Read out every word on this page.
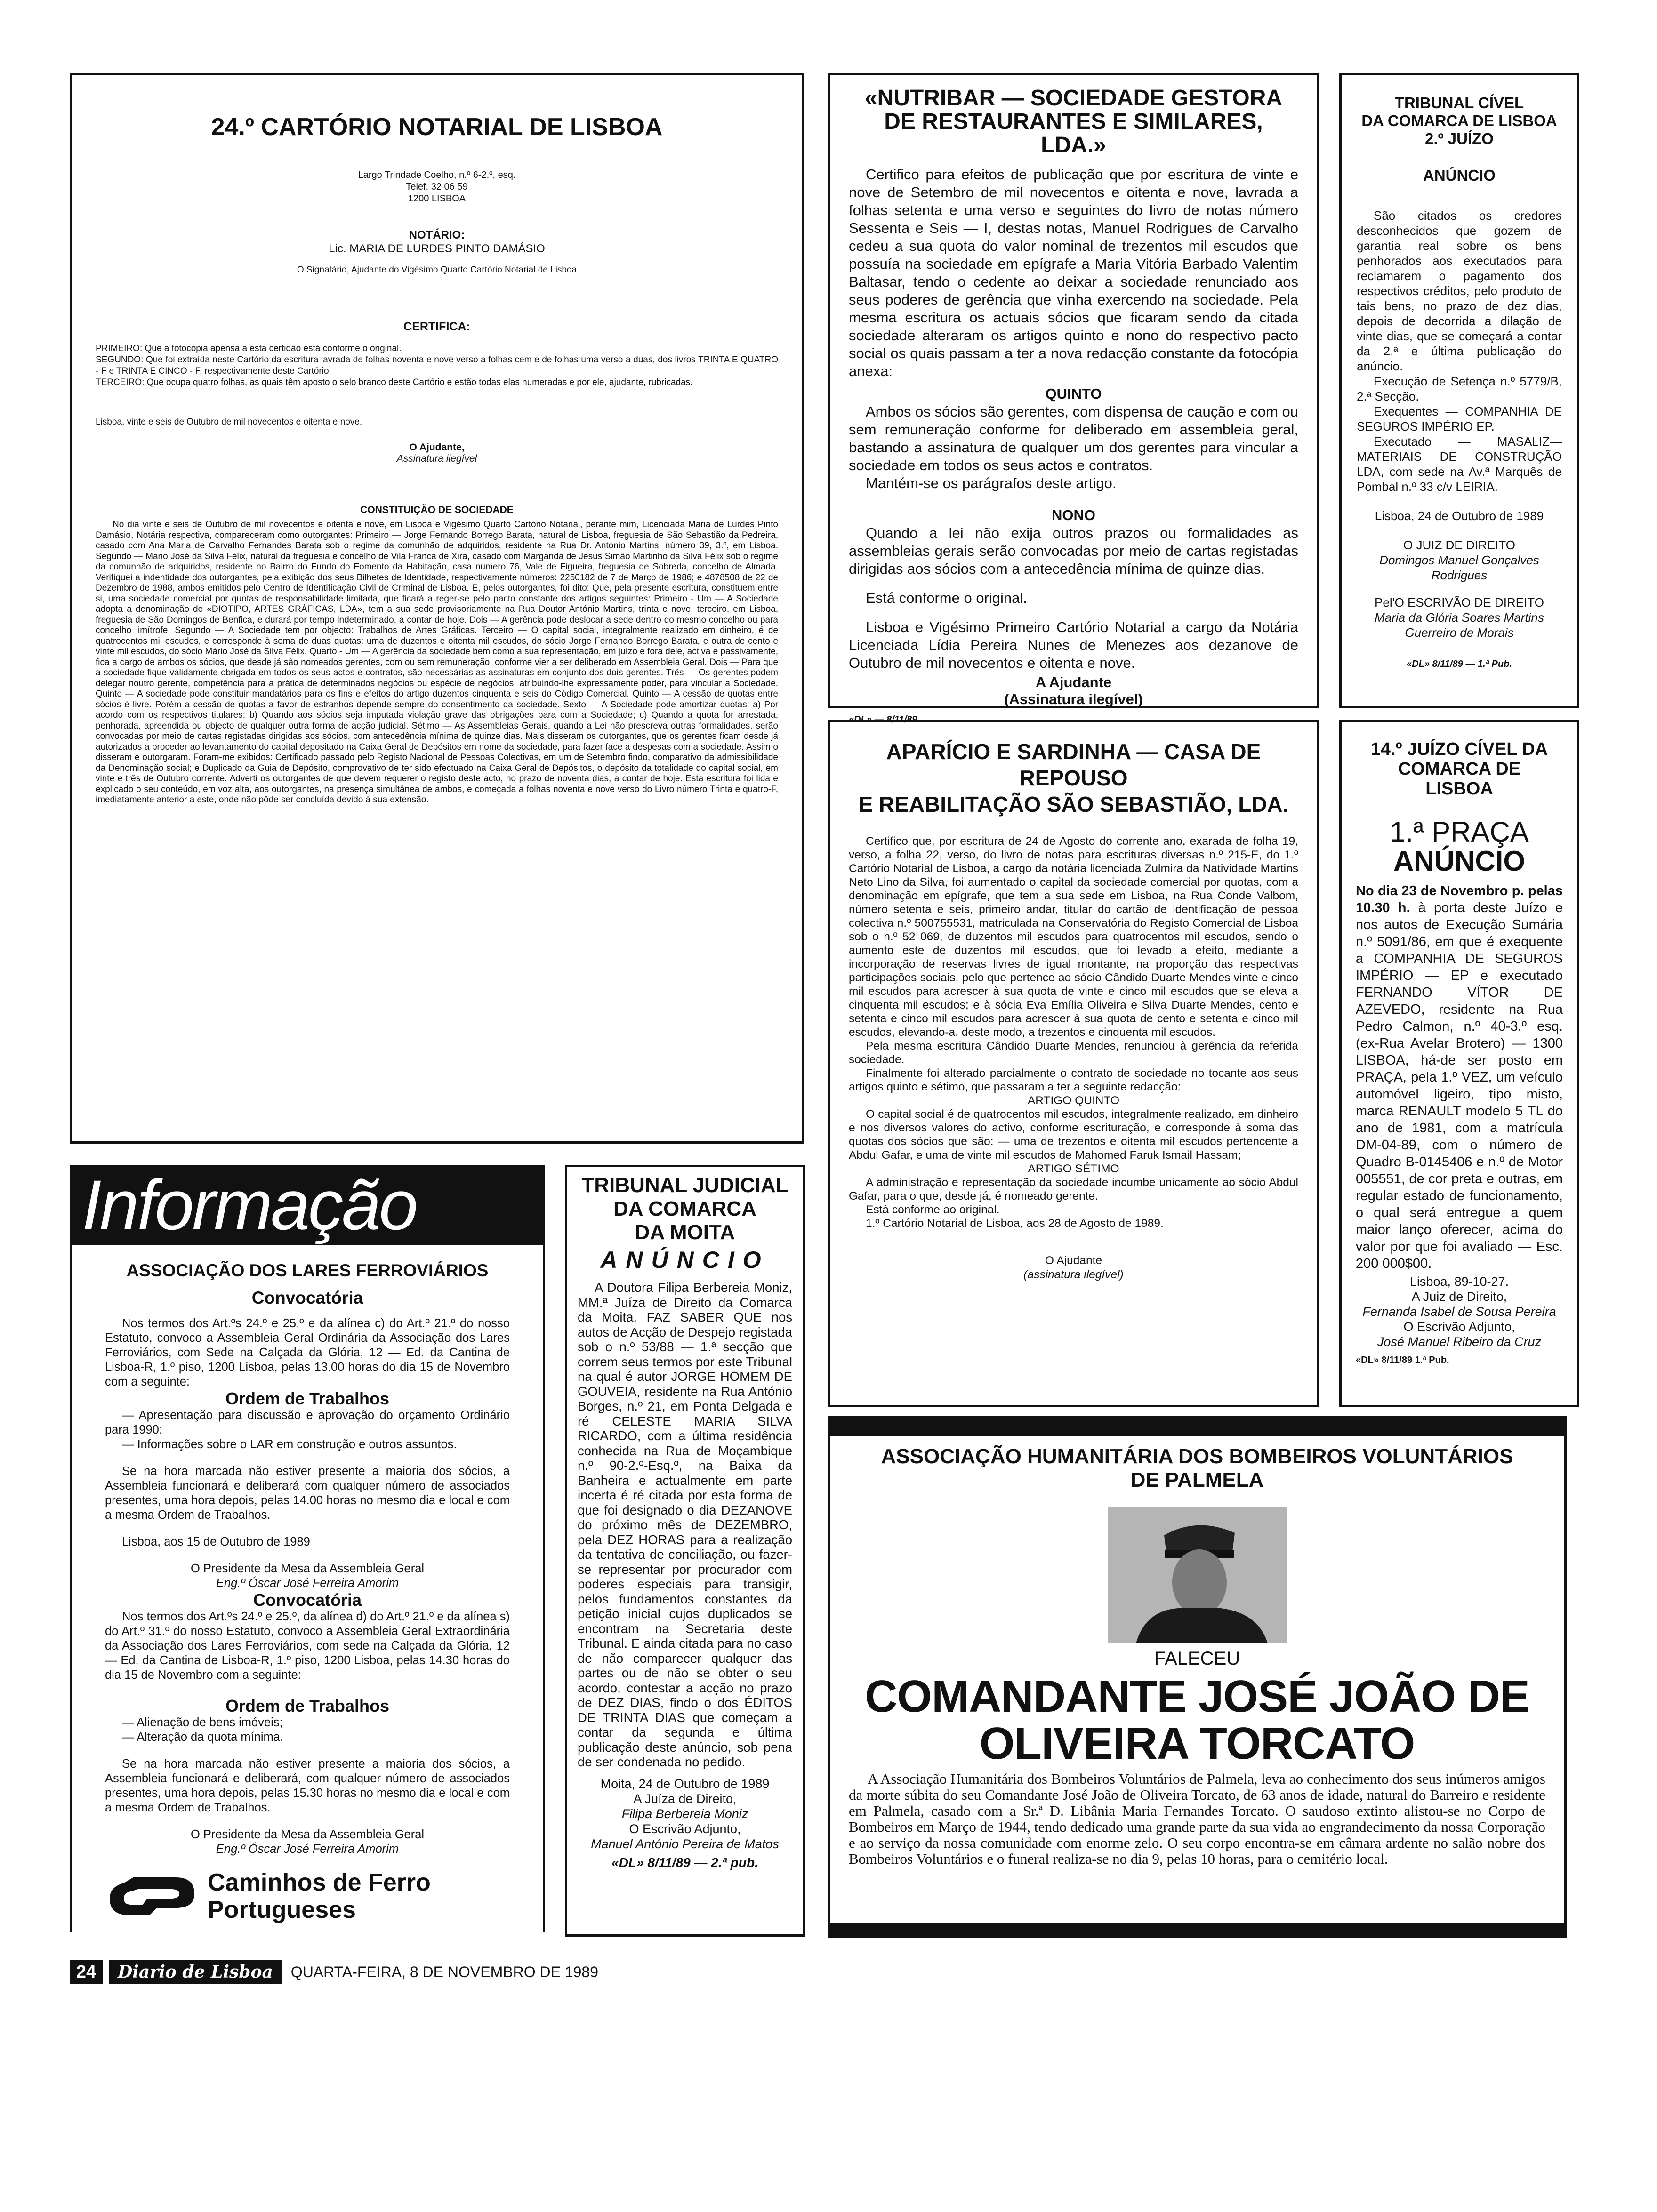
24.º CARTÓRIO NOTARIAL DE LISBOA
Largo Trindade Coelho, n.º 6-2.º, esq.
Telef. 32 06 59
1200 LISBOA
NOTÁRIO:
Lic. MARIA DE LURDES PINTO DAMÁSIO
O Signatário, Ajudante do Vigésimo Quarto Cartório Notarial de Lisboa
CERTIFICA:

PRIMEIRO: Que a fotocópia apensa a esta certidão está conforme o original.

SEGUNDO: Que foi extraída neste Cartório da escritura lavrada de folhas noventa e nove verso a folhas cem e de folhas uma verso a duas, dos livros TRINTA E QUATRO - F e TRINTA E CINCO - F, respectivamente deste Cartório.

TERCEIRO: Que ocupa quatro folhas, as quais têm aposto o selo branco deste Cartório e estão todas elas numeradas e por ele, ajudante, rubricadas.

Lisboa, vinte e seis de Outubro de mil novecentos e oitenta e nove.

O Ajudante,
Assinatura ilegível
CONSTITUIÇÃO DE SOCIEDADE

No dia vinte e seis de Outubro de mil novecentos e oitenta e nove, em Lisboa e Vigésimo Quarto Cartório Notarial, perante mim, Licenciada Maria de Lurdes Pinto Damásio, Notária respectiva, compareceram como outorgantes: Primeiro — Jorge Fernando Borrego Barata, natural de Lisboa, freguesia de São Sebastião da Pedreira, casado com Ana Maria de Carvalho Fernandes Barata sob o regime da comunhão de adquiridos, residente na Rua Dr. António Martins, número 39, 3.º, em Lisboa. Segundo — Mário José da Silva Félix, natural da freguesia e concelho de Vila Franca de Xira, casado com Margarida de Jesus Simão Martinho da Silva Félix sob o regime da comunhão de adquiridos, residente no Bairro do Fundo do Fomento da Habitação, casa número 76, Vale de Figueira, freguesia de Sobreda, concelho de Almada. Verifiquei a indentidade dos outorgantes, pela exibição dos seus Bilhetes de Identidade, respectivamente números: 2250182 de 7 de Março de 1986; e 4878508 de 22 de Dezembro de 1988, ambos emitidos pelo Centro de Identificação Civil de Criminal de Lisboa. E, pelos outorgantes, foi dito: Que, pela presente escritura, constituem entre si, uma sociedade comercial por quotas de responsabilidade limitada, que ficará a reger-se pelo pacto constante dos artigos seguintes: Primeiro - Um — A Sociedade adopta a denominação de «DIOTIPO, ARTES GRÁFICAS, LDA», tem a sua sede provisoriamente na Rua Doutor António Martins, trinta e nove, terceiro, em Lisboa, freguesia de São Domingos de Benfica, e durará por tempo indeterminado, a contar de hoje. Dois — A gerência pode deslocar a sede dentro do mesmo concelho ou para concelho limítrofe. Segundo — A Sociedade tem por objecto: Trabalhos de Artes Gráficas. Terceiro — O capital social, integralmente realizado em dinheiro, é de quatrocentos mil escudos, e corresponde à soma de duas quotas: uma de duzentos e oitenta mil escudos, do sócio Jorge Fernando Borrego Barata, e outra de cento e vinte mil escudos, do sócio Mário José da Silva Félix. Quarto - Um — A gerência da sociedade bem como a sua representação, em juízo e fora dele, activa e passivamente, fica a cargo de ambos os sócios, que desde já são nomeados gerentes, com ou sem remuneração, conforme vier a ser deliberado em Assembleia Geral. Dois — Para que a sociedade fique validamente obrigada em todos os seus actos e contratos, são necessárias as assinaturas em conjunto dos dois gerentes. Três — Os gerentes podem delegar noutro gerente, competência para a prática de determinados negócios ou espécie de negócios, atribuindo-lhe expressamente poder, para vincular a Sociedade. Quinto — A sociedade pode constituir mandatários para os fins e efeitos do artigo duzentos cinquenta e seis do Código Comercial. Quinto — A cessão de quotas entre sócios é livre. Porém a cessão de quotas a favor de estranhos depende sempre do consentimento da sociedade. Sexto — A Sociedade pode amortizar quotas: a) Por acordo com os respectivos titulares; b) Quando aos sócios seja imputada violação grave das obrigações para com a Sociedade; c) Quando a quota for arrestada, penhorada, apreendida ou objecto de qualquer outra forma de acção judicial. Sétimo — As Assembleias Gerais, quando a Lei não prescreva outras formalidades, serão convocadas por meio de cartas registadas dirigidas aos sócios, com antecedência mínima de quinze dias. Mais disseram os outorgantes, que os gerentes ficam desde já autorizados a proceder ao levantamento do capital depositado na Caixa Geral de Depósitos em nome da sociedade, para fazer face a despesas com a sociedade. Assim o disseram e outorgaram. Foram-me exibidos: Certificado passado pelo Registo Nacional de Pessoas Colectivas, em um de Setembro findo, comparativo da admissibilidade da Denominação social; e Duplicado da Guia de Depósito, comprovativo de ter sido efectuado na Caixa Geral de Depósitos, o depósito da totalidade do capital social, em vinte e três de Outubro corrente. Adverti os outorgantes de que devem requerer o registo deste acto, no prazo de noventa dias, a contar de hoje. Esta escritura foi lida e explicado o seu conteúdo, em voz alta, aos outorgantes, na presença simultânea de ambos, e começada a folhas noventa e nove verso do Livro número Trinta e quatro-F, imediatamente anterior a este, onde não pôde ser concluída devido à sua extensão.

«NUTRIBAR — SOCIEDADE GESTORA DE RESTAURANTES E SIMILARES, LDA.»

Certifico para efeitos de publicação que por escritura de vinte e nove de Setembro de mil novecentos e oitenta e nove, lavrada a folhas setenta e uma verso e seguintes do livro de notas número Sessenta e Seis — I, destas notas, Manuel Rodrigues de Carvalho cedeu a sua quota do valor nominal de trezentos mil escudos que possuía na sociedade em epígrafe a Maria Vitória Barbado Valentim Baltasar, tendo o cedente ao deixar a sociedade renunciado aos seus poderes de gerência que vinha exercendo na sociedade. Pela mesma escritura os actuais sócios que ficaram sendo da citada sociedade alteraram os artigos quinto e nono do respectivo pacto social os quais passam a ter a nova redacção constante da fotocópia anexa:

QUINTO

Ambos os sócios são gerentes, com dispensa de caução e com ou sem remuneração conforme for deliberado em assembleia geral, bastando a assinatura de qualquer um dos gerentes para vincular a sociedade em todos os seus actos e contratos.

Mantém-se os parágrafos deste artigo.

NONO

Quando a lei não exija outros prazos ou formalidades as assembleias gerais serão convocadas por meio de cartas registadas dirigidas aos sócios com a antecedência mínima de quinze dias.

Está conforme o original.

Lisboa e Vigésimo Primeiro Cartório Notarial a cargo da Notária Licenciada Lídia Pereira Nunes de Menezes aos dezanove de Outubro de mil novecentos e oitenta e nove.

A Ajudante
(Assinatura ilegível)
«DL» — 8/11/89
TRIBUNAL CÍVEL
DA COMARCA DE LISBOA
2.º JUÍZO
ANÚNCIO

São citados os credores desconhecidos que gozem de garantia real sobre os bens penhorados aos executados para reclamarem o pagamento dos respectivos créditos, pelo produto de tais bens, no prazo de dez dias, depois de decorrida a dilação de vinte dias, que se começará a contar da 2.ª e última publicação do anúncio.

Execução de Setença n.º 5779/B, 2.ª Secção.

Exequentes — COMPANHIA DE SEGUROS IMPÉRIO EP.

Executado — MASALIZ—MATERIAIS DE CONSTRUÇÃO LDA, com sede na Av.ª Marquês de Pombal n.º 33 c/v LEIRIA.

Lisboa, 24 de Outubro de 1989
O JUIZ DE DIREITO
Domingos Manuel Gonçalves Rodrigues
Pel'O ESCRIVÃO DE DIREITO
Maria da Glória Soares Martins Guerreiro de Morais
«DL» 8/11/89 — 1.ª Pub.
APARÍCIO E SARDINHA — CASA DE REPOUSO
E REABILITAÇÃO SÃO SEBASTIÃO, LDA.

Certifico que, por escritura de 24 de Agosto do corrente ano, exarada de folha 19, verso, a folha 22, verso, do livro de notas para escrituras diversas n.º 215-E, do 1.º Cartório Notarial de Lisboa, a cargo da notária licenciada Zulmira da Natividade Martins Neto Lino da Silva, foi aumentado o capital da sociedade comercial por quotas, com a denominação em epígrafe, que tem a sua sede em Lisboa, na Rua Conde Valbom, número setenta e seis, primeiro andar, titular do cartão de identificação de pessoa colectiva n.º 500755531, matriculada na Conservatória do Registo Comercial de Lisboa sob o n.º 52 069, de duzentos mil escudos para quatrocentos mil escudos, sendo o aumento este de duzentos mil escudos, que foi levado a efeito, mediante a incorporação de reservas livres de igual montante, na proporção das respectivas participações sociais, pelo que pertence ao sócio Cândido Duarte Mendes vinte e cinco mil escudos para acrescer à sua quota de vinte e cinco mil escudos que se eleva a cinquenta mil escudos; e à sócia Eva Emília Oliveira e Silva Duarte Mendes, cento e setenta e cinco mil escudos para acrescer à sua quota de cento e setenta e cinco mil escudos, elevando-a, deste modo, a trezentos e cinquenta mil escudos.

Pela mesma escritura Cândido Duarte Mendes, renunciou à gerência da referida sociedade.

Finalmente foi alterado parcialmente o contrato de sociedade no tocante aos seus artigos quinto e sétimo, que passaram a ter a seguinte redacção:

ARTIGO QUINTO

O capital social é de quatrocentos mil escudos, integralmente realizado, em dinheiro e nos diversos valores do activo, conforme escrituração, e corresponde à soma das quotas dos sócios que são: — uma de trezentos e oitenta mil escudos pertencente a Abdul Gafar, e uma de vinte mil escudos de Mahomed Faruk Ismail Hassam;

ARTIGO SÉTIMO

A administração e representação da sociedade incumbe unicamente ao sócio Abdul Gafar, para o que, desde já, é nomeado gerente.

Está conforme ao original.

1.º Cartório Notarial de Lisboa, aos 28 de Agosto de 1989.

O Ajudante
(assinatura ilegível)
14.º JUÍZO CÍVEL DA
COMARCA DE
LISBOA
1.ª PRAÇA
ANÚNCIO
No dia 23 de Novembro p. pelas 10.30 h. à porta deste Juízo e nos autos de Execução Sumária n.º 5091/86, em que é exequente a COMPANHIA DE SEGUROS IMPÉRIO — EP e executado FERNANDO VÍTOR DE AZEVEDO, residente na Rua Pedro Calmon, n.º 40-3.º esq. (ex-Rua Avelar Brotero) — 1300 LISBOA, há-de ser posto em PRAÇA, pela 1.º VEZ, um veículo automóvel ligeiro, tipo misto, marca RENAULT modelo 5 TL do ano de 1981, com a matrícula DM-04-89, com o número de Quadro B-0145406 e n.º de Motor 005551, de cor preta e outras, em regular estado de funcionamento, o qual será entregue a quem maior lanço oferecer, acima do valor por que foi avaliado — Esc. 200 000$00.
Lisboa, 89-10-27.
A Juiz de Direito,
Fernanda Isabel de Sousa Pereira
O Escrivão Adjunto,
José Manuel Ribeiro da Cruz
«DL» 8/11/89 1.ª Pub.
Informação
ASSOCIAÇÃO DOS LARES FERROVIÁRIOS
Convocatória

Nos termos dos Art.ºs 24.º e 25.º e da alínea c) do Art.º 21.º do nosso Estatuto, convoco a Assembleia Geral Ordinária da Associação dos Lares Ferroviários, com Sede na Calçada da Glória, 12 — Ed. da Cantina de Lisboa-R, 1.º piso, 1200 Lisboa, pelas 13.00 horas do dia 15 de Novembro com a seguinte:

Ordem de Trabalhos

— Apresentação para discussão e aprovação do orçamento Ordinário para 1990;

— Informações sobre o LAR em construção e outros assuntos.

Se na hora marcada não estiver presente a maioria dos sócios, a Assembleia funcionará e deliberará com qualquer número de associados presentes, uma hora depois, pelas 14.00 horas no mesmo dia e local e com a mesma Ordem de Trabalhos.

Lisboa, aos 15 de Outubro de 1989

O Presidente da Mesa da Assembleia Geral

Eng.º Óscar José Ferreira Amorim

Convocatória

Nos termos dos Art.ºs 24.º e 25.º, da alínea d) do Art.º 21.º e da alínea s) do Art.º 31.º do nosso Estatuto, convoco a Assembleia Geral Extraordinária da Associação dos Lares Ferroviários, com sede na Calçada da Glória, 12 — Ed. da Cantina de Lisboa-R, 1.º piso, 1200 Lisboa, pelas 14.30 horas do dia 15 de Novembro com a seguinte:

Ordem de Trabalhos

— Alienação de bens imóveis;

— Alteração da quota mínima.

Se na hora marcada não estiver presente a maioria dos sócios, a Assembleia funcionará e deliberará, com qualquer número de associados presentes, uma hora depois, pelas 15.30 horas no mesmo dia e local e com a mesma Ordem de Trabalhos.

O Presidente da Mesa da Assembleia Geral

Eng.º Óscar José Ferreira Amorim

Caminhos de Ferro
Portugueses
TRIBUNAL JUDICIAL
DA COMARCA
DA MOITA
ANÚNCIO

A Doutora Filipa Berbereia Moniz, MM.ª Juíza de Direito da Comarca da Moita. FAZ SABER QUE nos autos de Acção de Despejo registada sob o n.º 53/88 — 1.ª secção que correm seus termos por este Tribunal na qual é autor JORGE HOMEM DE GOUVEIA, residente na Rua António Borges, n.º 21, em Ponta Delgada e ré CELESTE MARIA SILVA RICARDO, com a última residência conhecida na Rua de Moçambique n.º 90-2.º-Esq.º, na Baixa da Banheira e actualmente em parte incerta é ré citada por esta forma de que foi designado o dia DEZANOVE do próximo mês de DEZEMBRO, pela DEZ HORAS para a realização da tentativa de conciliação, ou fazer-se representar por procurador com poderes especiais para transigir, pelos fundamentos constantes da petição inicial cujos duplicados se encontram na Secretaria deste Tribunal. E ainda citada para no caso de não comparecer qualquer das partes ou de não se obter o seu acordo, contestar a acção no prazo de DEZ DIAS, findo o dos ÉDITOS DE TRINTA DIAS que começam a contar da segunda e última publicação deste anúncio, sob pena de ser condenada no pedido.

Moita, 24 de Outubro de 1989
A Juíza de Direito,
Filipa Berbereia Moniz
O Escrivão Adjunto,
Manuel António Pereira de Matos
«DL» 8/11/89 — 2.ª pub.
ASSOCIAÇÃO HUMANITÁRIA DOS BOMBEIROS VOLUNTÁRIOS
DE PALMELA
FALECEU
COMANDANTE JOSÉ JOÃO DE
OLIVEIRA TORCATO

A Associação Humanitária dos Bombeiros Voluntários de Palmela, leva ao conhecimento dos seus inúmeros amigos da morte súbita do seu Comandante José João de Oliveira Torcato, de 63 anos de idade, natural do Barreiro e residente em Palmela, casado com a Sr.ª D. Libânia Maria Fernandes Torcato. O saudoso extinto alistou-se no Corpo de Bombeiros em Março de 1944, tendo dedicado uma grande parte da sua vida ao engrandecimento da nossa Corporação e ao serviço da nossa comunidade com enorme zelo. O seu corpo encontra-se em câmara ardente no salão nobre dos Bombeiros Voluntários e o funeral realiza-se no dia 9, pelas 10 horas, para o cemitério local.

24	Diario de Lisboa	QUARTA-FEIRA, 8 DE NOVEMBRO DE 1989
